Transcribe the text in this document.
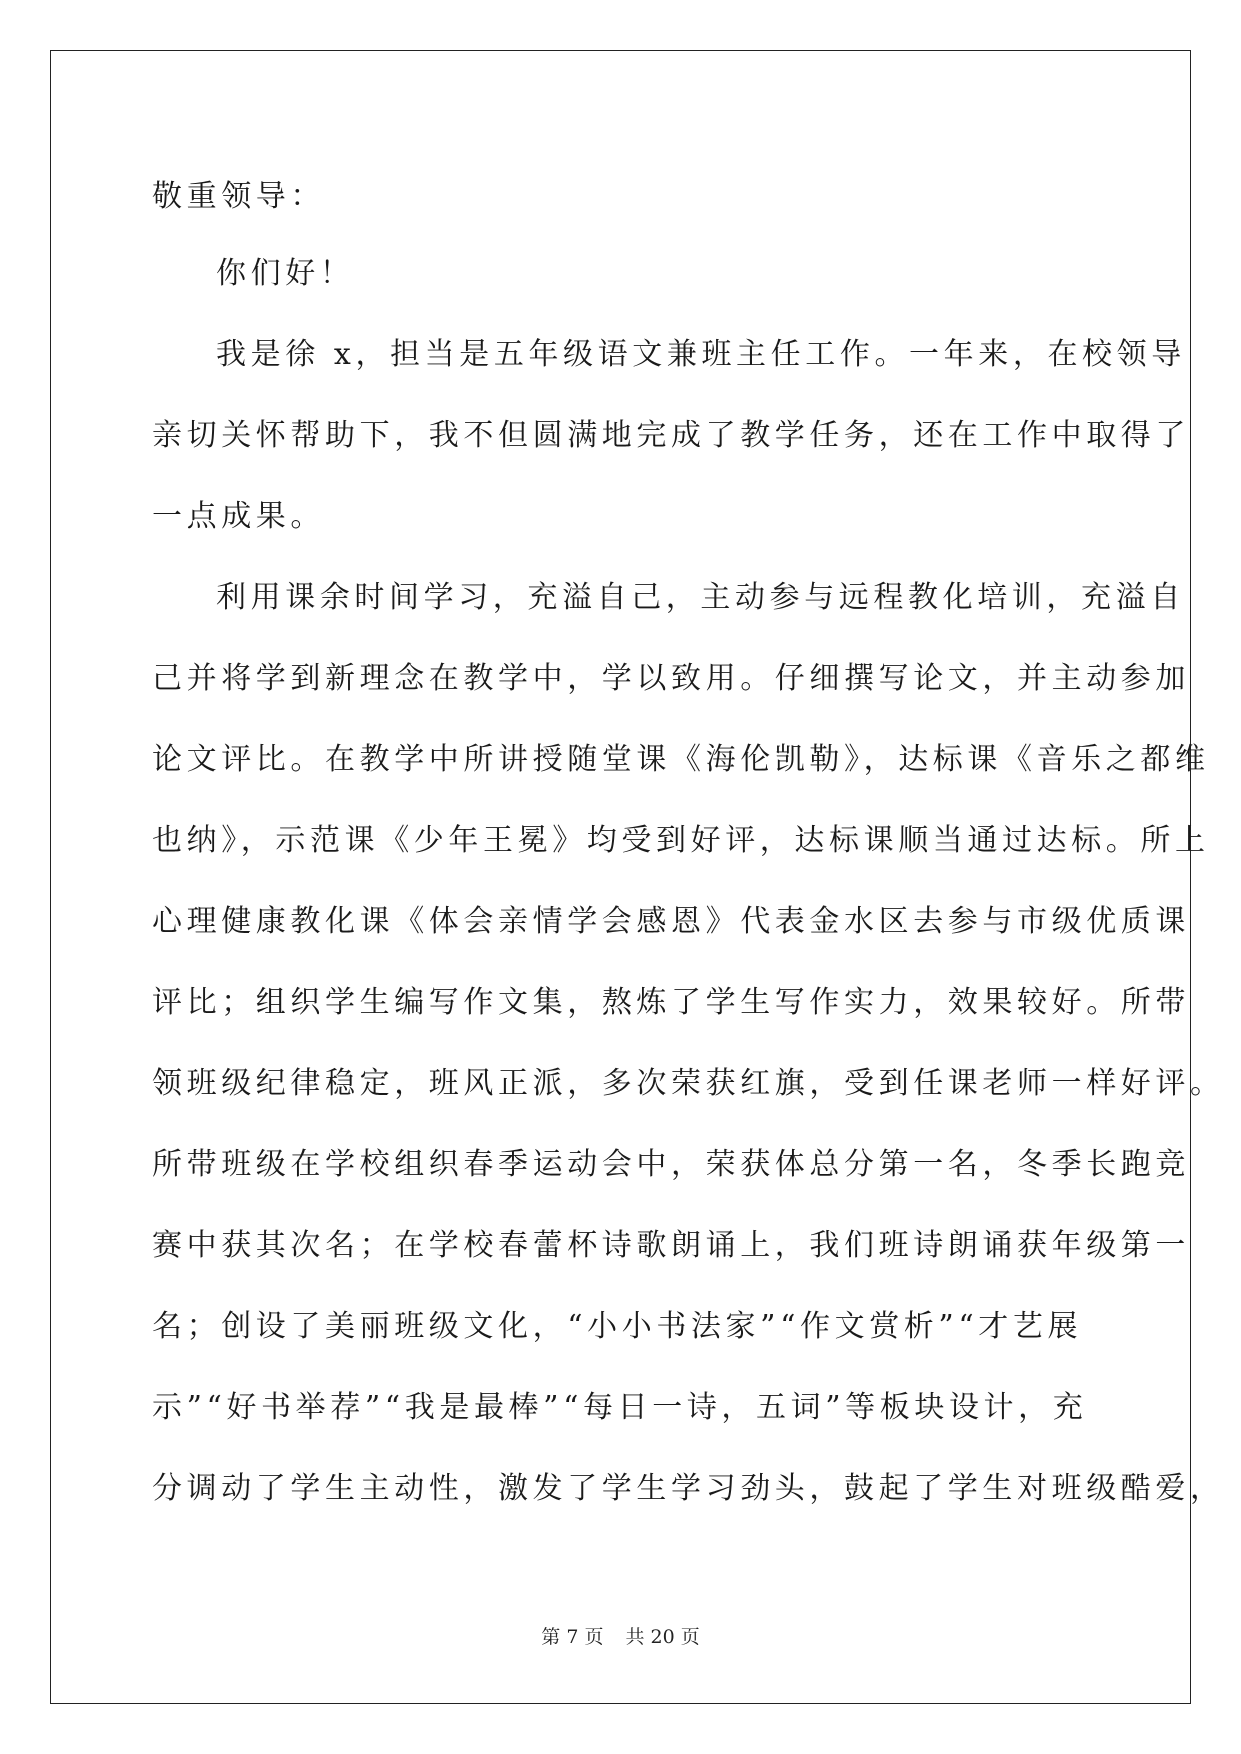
敬重领导：
你们好！
我是徐 x，担当是五年级语文兼班主任工作。一年来，在校领导
亲切关怀帮助下，我不但圆满地完成了教学任务，还在工作中取得了
一点成果。
利用课余时间学习，充溢自己，主动参与远程教化培训，充溢自
己并将学到新理念在教学中，学以致用。仔细撰写论文，并主动参加
论文评比。在教学中所讲授随堂课《海伦凯勒》，达标课《音乐之都维
也纳》，示范课《少年王冕》均受到好评，达标课顺当通过达标。所上
心理健康教化课《体会亲情学会感恩》代表金水区去参与市级优质课
评比；组织学生编写作文集，熬炼了学生写作实力，效果较好。所带
领班级纪律稳定，班风正派，多次荣获红旗，受到任课老师一样好评。
所带班级在学校组织春季运动会中，荣获体总分第一名，冬季长跑竞
赛中获其次名；在学校春蕾杯诗歌朗诵上，我们班诗朗诵获年级第一
名；创设了美丽班级文化，“小小书法家”“作文赏析”“才艺展
示”“好书举荐”“我是最棒”“每日一诗，五词”等板块设计，充
分调动了学生主动性，激发了学生学习劲头，鼓起了学生对班级酷爱，
第 7 页 共 20 页
